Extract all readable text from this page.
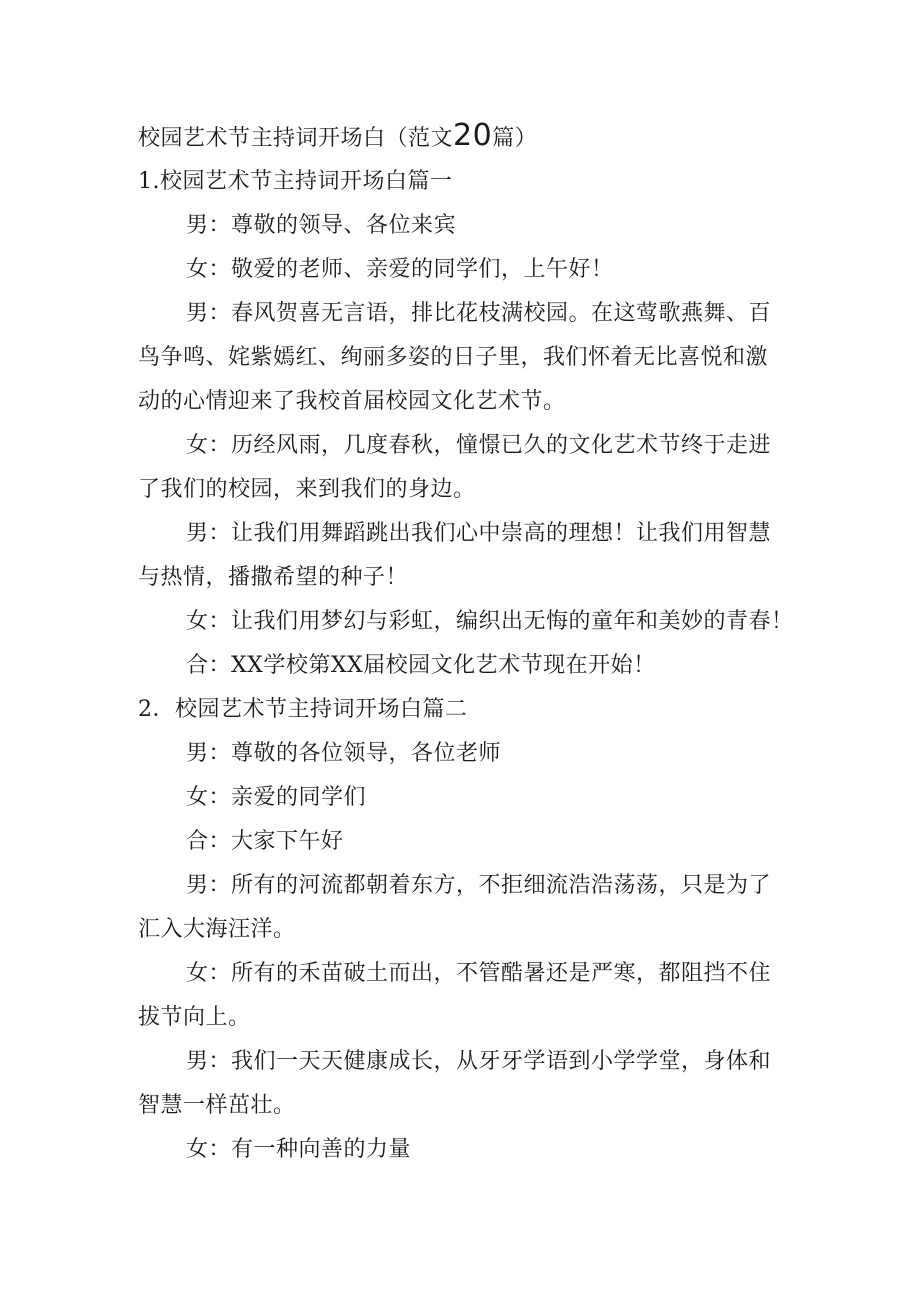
校园艺术节主持词开场白（范文20篇）
1.校园艺术节主持词开场白篇一
男：尊敬的领导、各位来宾
女：敬爱的老师、亲爱的同学们，上午好！
男：春风贺喜无言语，排比花枝满校园。在这莺歌燕舞、百
鸟争鸣、姹紫嫣红、绚丽多姿的日子里，我们怀着无比喜悦和激
动的心情迎来了我校首届校园文化艺术节。
女：历经风雨，几度春秋，憧憬已久的文化艺术节终于走进
了我们的校园，来到我们的身边。
男：让我们用舞蹈跳出我们心中崇高的理想！让我们用智慧
与热情，播撒希望的种子！
女：让我们用梦幻与彩虹，编织出无悔的童年和美妙的青春！
合：XX学校第XX届校园文化艺术节现在开始！
2．校园艺术节主持词开场白篇二
男：尊敬的各位领导，各位老师
女：亲爱的同学们
合：大家下午好
男：所有的河流都朝着东方，不拒细流浩浩荡荡，只是为了
汇入大海汪洋。
女：所有的禾苗破土而出，不管酷暑还是严寒，都阻挡不住
拔节向上。
男：我们一天天健康成长，从牙牙学语到小学学堂，身体和
智慧一样茁壮。
女：有一种向善的力量
